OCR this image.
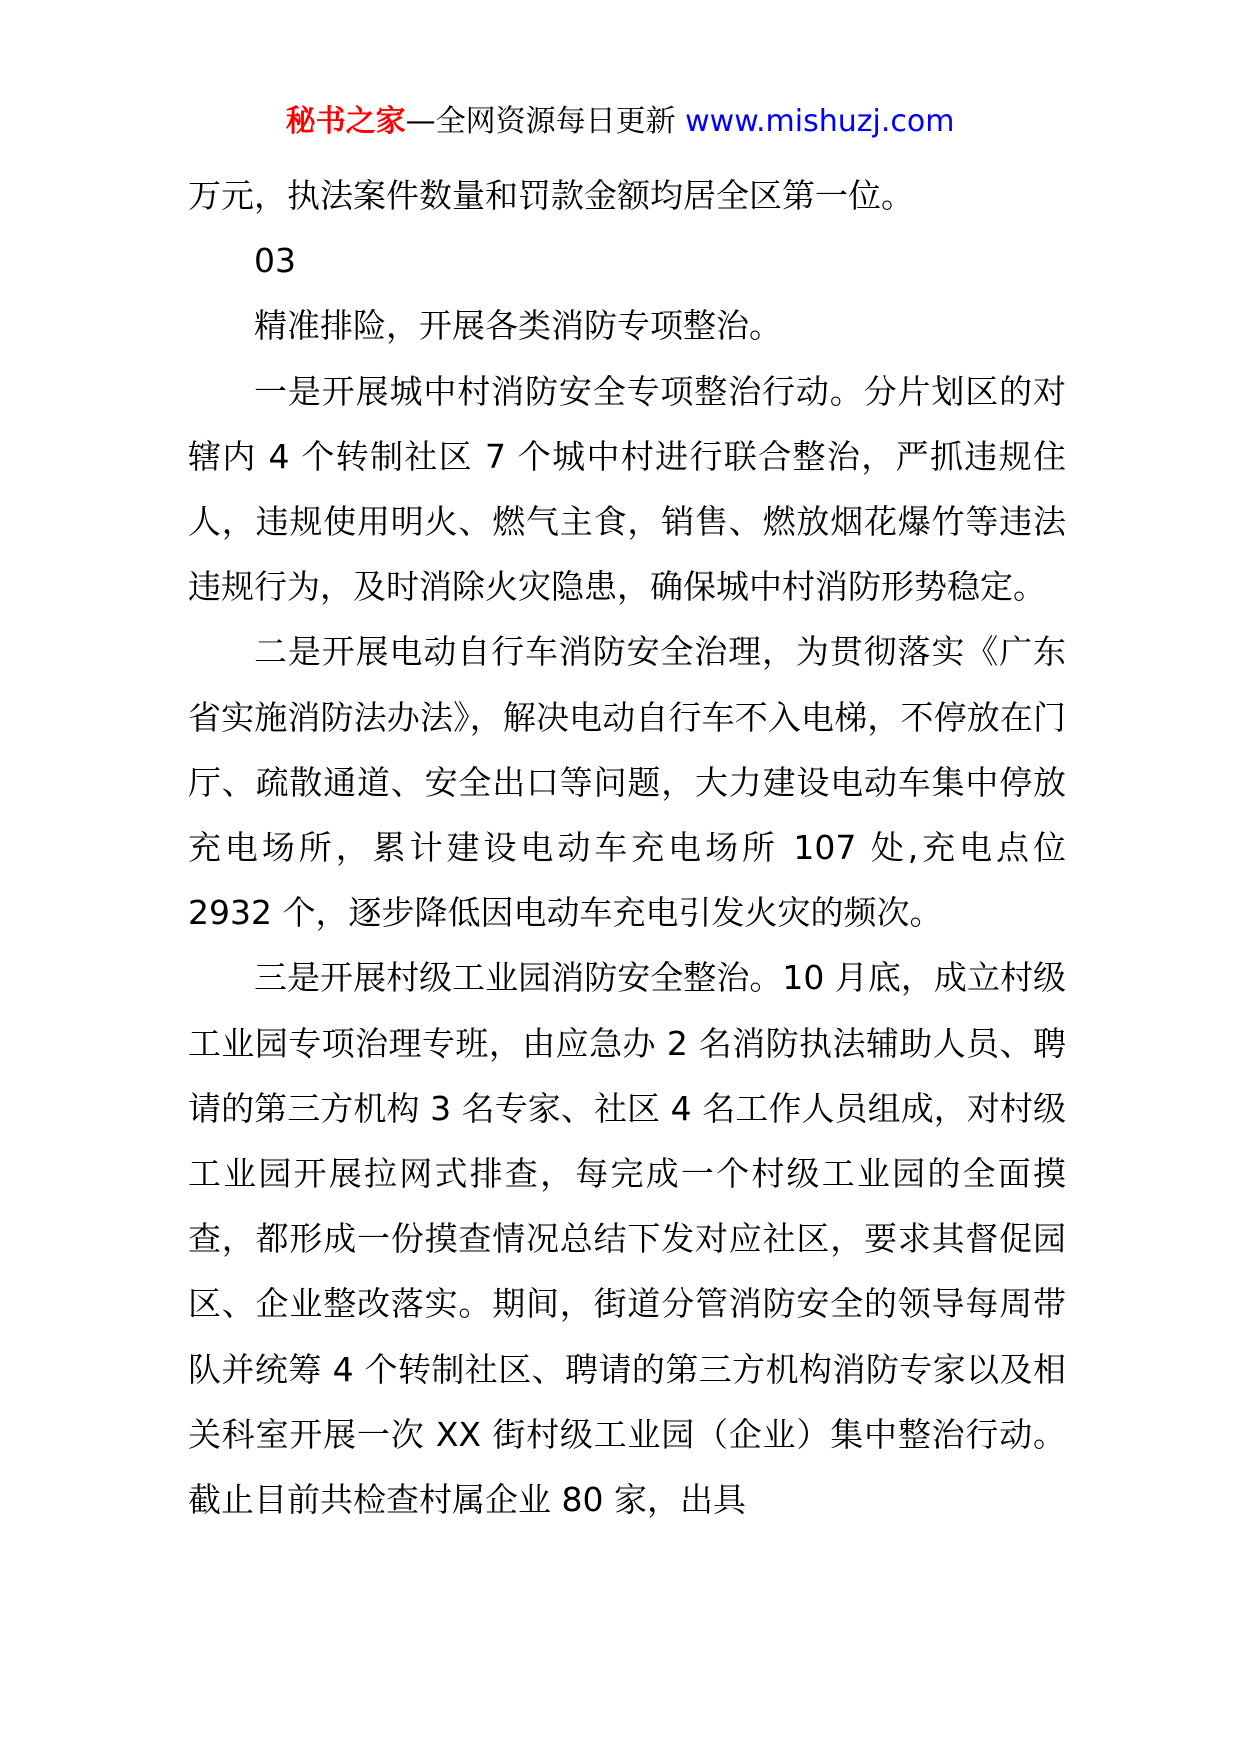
秘书之家—全网资源每日更新 www.mishuzj.com

万元，执法案件数量和罚款金额均居全区第一位。

03

精准排险，开展各类消防专项整治。

一是开展城中村消防安全专项整治行动。分片划区的对辖内 4 个转制社区 7 个城中村进行联合整治，严抓违规住人，违规使用明火、燃气主食，销售、燃放烟花爆竹等违法违规行为，及时消除火灾隐患，确保城中村消防形势稳定。

二是开展电动自行车消防安全治理，为贯彻落实《广东省实施消防法办法》，解决电动自行车不入电梯，不停放在门厅、疏散通道、安全出口等问题，大力建设电动车集中停放充电场所，累计建设电动车充电场所 107 处,充电点位 2932 个，逐步降低因电动车充电引发火灾的频次。

三是开展村级工业园消防安全整治。10 月底，成立村级工业园专项治理专班，由应急办 2 名消防执法辅助人员、聘请的第三方机构 3 名专家、社区 4 名工作人员组成，对村级工业园开展拉网式排查，每完成一个村级工业园的全面摸查，都形成一份摸查情况总结下发对应社区，要求其督促园区、企业整改落实。期间，街道分管消防安全的领导每周带队并统筹 4 个转制社区、聘请的第三方机构消防专家以及相关科室开展一次 XX 街村级工业园（企业）集中整治行动。截止目前共检查村属企业 80 家，出具
